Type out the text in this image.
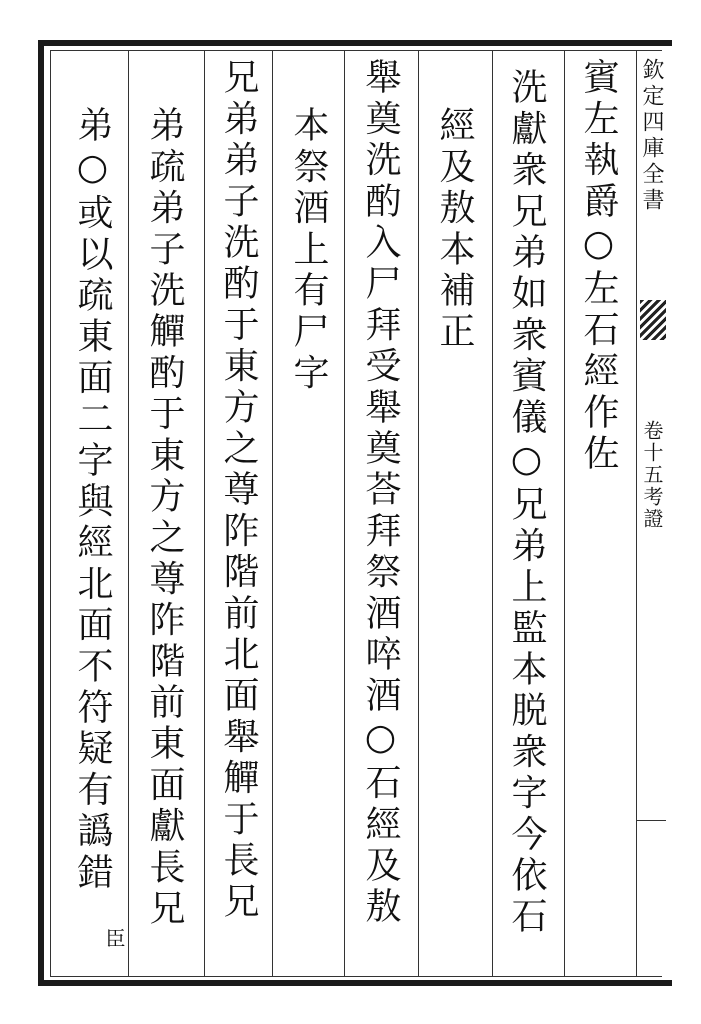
欽定四庫全書
卷十五考證
賓左執爵○左石經作佐
洗獻衆兄弟如衆賓儀○兄弟上監本脱衆字今依石
經及敖本補正
舉奠洗酌入尸拜受舉奠荅拜祭酒啐酒○石經及敖
本祭酒上有尸字
兄弟弟子洗酌于東方之尊阼階前北面舉觶于長兄
弟疏弟子洗觶酌于東方之尊阼階前東面獻長兄
弟○或以疏東面二字與經北面不符疑有譌錯
臣
